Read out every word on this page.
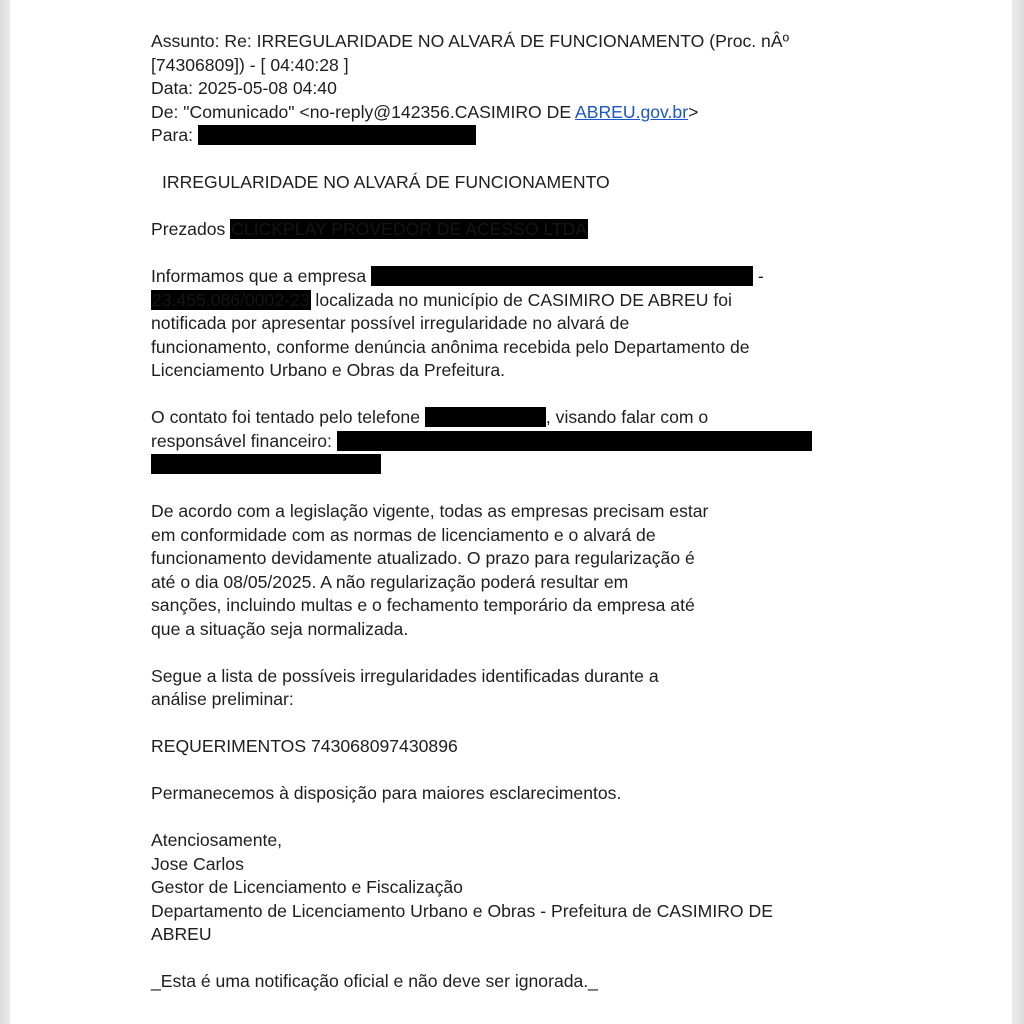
Assunto: Re: IRREGULARIDADE NO ALVARÁ DE FUNCIONAMENTO (Proc. nÂº
[74306809]) - [ 04:40:28 ]
Data: 2025-05-08 04:40
De: "Comunicado" <no-reply@142356.CASIMIRO DE ABREU.gov.br>
Para:
IRREGULARIDADE NO ALVARÁ DE FUNCIONAMENTO
Prezados CLICKPLAY PROVEDOR DE ACESSO LTDA
Informamos que a empresa	-
23.455.086/0002-23 localizada no município de CASIMIRO DE ABREU foi
notificada por apresentar possível irregularidade no alvará de
funcionamento, conforme denúncia anônima recebida pelo Departamento de
Licenciamento Urbano e Obras da Prefeitura.
O contato foi tentado pelo telefone	, visando falar com o
responsável financeiro:
De acordo com a legislação vigente, todas as empresas precisam estar
em conformidade com as normas de licenciamento e o alvará de
funcionamento devidamente atualizado. O prazo para regularização é
até o dia 08/05/2025. A não regularização poderá resultar em
sanções, incluindo multas e o fechamento temporário da empresa até
que a situação seja normalizada.
Segue a lista de possíveis irregularidades identificadas durante a
análise preliminar:
REQUERIMENTOS 743068097430896
Permanecemos à disposição para maiores esclarecimentos.
Atenciosamente,
Jose Carlos
Gestor de Licenciamento e Fiscalização
Departamento de Licenciamento Urbano e Obras - Prefeitura de CASIMIRO DE
ABREU
_Esta é uma notificação oficial e não deve ser ignorada._
